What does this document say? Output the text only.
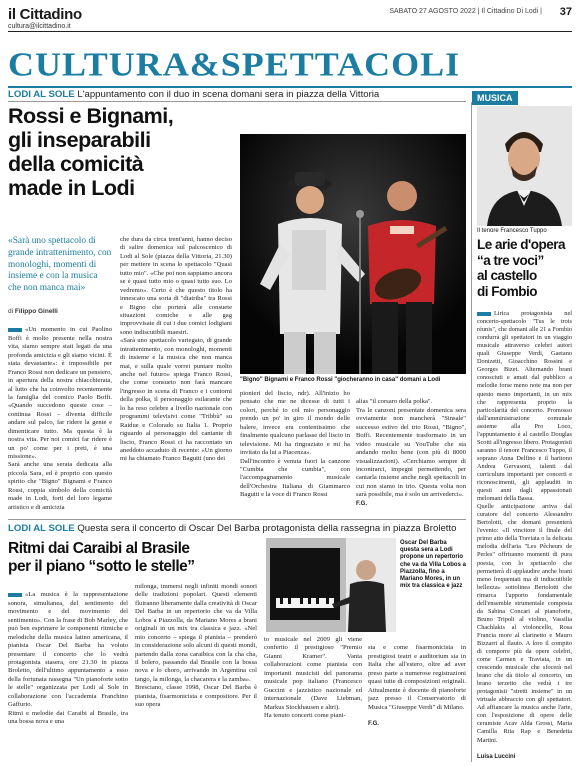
il Cittadino
cultura@ilcittadino.it
SABATO 27 AGOSTO 2022 | Il Cittadino Di Lodi | 37
CULTURA&SPETTACOLI
LODI AL SOLE L'appuntamento con il duo in scena domani sera in piazza della Vittoria	MUSICA
Rossi e Bignami,
gli inseparabili
della comicità
made in Lodi
«Sarà uno spettacolo di grande intrattenimento, con monologhi, momenti di insieme e con la musica che non manca mai»
di Filippo Ginelli

«Un momento in cui Paolino Boffi è molto presente nella nostra vita, siamo sempre stati legati da una profonda amicizia e gli siamo vicini. È stata devastante»: è impossibile per Franco Rossi non dedicare un pensiero, in apertura della nostra chiacchierata, al lutto che ha coinvolto recentemente la famiglia del comico Paolo Boffi. «Quando succedono queste cose – continua Rossi – diventa difficile andare sul palco, far ridere la gente e dimenticare tutto. Ma questa è la nostra vita. Per noi comici far ridere è un po' come per i preti, è una missione».
Sarà anche una serata dedicata alla piccola Sara, ed è proprio con questo spirito che "Bigno" Bignami e Franco Rossi, coppia simbolo della comicità made in Lodi, forti del loro legame artistico e di amicizia

che dura da circa trent'anni, hanno deciso di salire domenica sul palcoscenico di Lodi al Sole (piazza della Vittoria, 21.30) per mettere in scena lo spettacolo "Quasi tutto mio". «Che poi non sappiamo ancora se è quasi tutto mio o quasi tutto suo. Lo vedremo». Certo è che questo titolo ha innescato una sorta di "diatriba" tra Rossi e Bigno che porterà alle consuete situazioni comiche e alle gag improvvisate di cui i due comici lodigiani sono indiscutibili maestri.
«Sarà uno spettacolo variegato, di grande intrattenimento, con monologhi, momenti di insieme e la musica che non manca mai, e sulla quale vorrei puntare molto anche nel futuro» spiega Franco Rossi, che come consueto non farà mancare l'ingresso in scena di Franco e i contorni della polka, il personaggio esilarante che lo ha reso celebre a livello nazionale con programmi televisivi come "Tribbù" su Raidue e Colorado su Italia 1. Proprio riguardo al personaggio del cantante di liscio, Franco Rossi ci ha raccontato un aneddoto accaduto di recente: «Un giorno mi ha chiamato Franco Bagutti (uno dei
"Bigno" Bignami e Franco Rossi "giocheranno in casa" domani a Lodi
pionieri del liscio, ndr). All'inizio ho pensato che me ne dicesse di tutti i colori, perché io col mio personaggio prendo un po' in giro il mondo delle balere, invece era contentissimo che finalmente qualcuno parlasse del liscio in televisione. Mi ha ringraziato e mi ha invitato da lui a Piacenza».
Dall'incontro è venuta fuori la canzone "Cumbia che cumbia", con l'accompagnamento musicale dell'Orchestra Italiana di Giammarco Bagutti e la voce di Franco Rossi

alias "il corsaro della polka".
Tra le canzoni presentate domenica sera ovviamente non mancherà "Sinsale" successo estivo del trio Rossi, "Bigno", Boffi. Recentemente trasformato in un video musicale su YouTube che sta andando molto bene (con più di 8000 visualizzazioni). «Cerchiamo sempre di incontrarci, impegni permettendo, per cantarla insieme anche negli spettacoli in cui non siamo in trio. Questa volta non sarà possibile, ma è solo un arrivederci».
F.G.

LODI AL SOLE Questa sera il concerto di Oscar Del Barba protagonista della rassegna in piazza Broletto
Ritmi dai Caraibi al Brasile
per il piano “sotto le stelle”
Oscar Del Barba questa sera a Lodi propone un repertorio che va da Villa Lobos a Piazzolla, fino a Mariano Mores, in un mix tra classica e jazz

«La musica è la rappresentazione sonora, simultanea, del sentimento del movimento e del movimento del sentimento». Con la frase di Bob Marley, che può ben esprimere le componenti ritmiche e melodiche della musica latino americana, il pianista Oscar Del Barba ha voluto presentare il concerto che lo vedrà protagonista stasera, ore 21.30 in piazza Broletto, dell'ultimo appuntamento a esso della fortunata rassegna "Un pianoforte sotto le stelle" organizzata per Lodi al Sole in collaborazione con l'accademia Franchino Gaffurio.
Ritmi e melodie dai Caraibi al Brasile, tra una bossa nova e una

milonga, immersi negli infiniti mondi sonori delle tradizioni popolari. Questi elementi fluiranno liberamente dalla creatività di Oscar Del Barba in un repertorio che va da Villa Lobos a Piazzolla, da Mariano Mores a brani originali in un mix tra classica e jazz. «Nel mio concerto – spiega il pianista – prenderò in considerazione solo alcuni di questi mondi, partendo dalla zona caraibica con la cha cha, il bolero, passando dal Brasile con la bossa nova e lo choro, arrivando in Argentina col tango, la milonga, la chacarera e la zamba».
Bresciano, classe 1998, Oscar Del Barba è pianista, fisarmonicista e compositore. Per il suo opera
to musicale nel 2009 gli viene conferito il prestigioso "Premio Gianni Kramer". Vanta collaborazioni come pianista con importanti musicisti del panorama musicale pop italiano (Francesco Guccini e jazzistico nazionale ed internazionale (Dave Liebman, Markus Stockhausen e altri).
Ha tenuto concerti come piani-

sta e come fisarmonicista in prestigiosi teatri e auditorium sia in Italia che all'estero, oltre ad aver preso parte a numerose registrazioni quasi tutte di composizioni originali. Attualmente è docente di pianoforte jazz presso il Conservatorio di Musica "Giuseppe Verdi" di Milano.

F.G.

Il tenore Francesco Tuppo
Le arie d'opera
“a tre voci”
al castello
di Fombio

Lirica protagonista nel concerto-spettacolo "Tus le trois réunis", che domani alle 21 a Fombio condurrà gli spettatori in un viaggio musicale attraverso celebri autori quali Giuseppe Verdi, Gaetano Donizetti, Gioacchino Rossini e Georges Bizet. Alternando brani conosciuti e amati dal pubblico a melodie forse meno note ma non per questo meno importanti, in un mix che rappresenta proprio la particolarità del concerto. Promosso dall'amministrazione comunale assieme alla Pro Loco, l'appuntamento è al castello Douglas Scotti all'ingresso libero. Protagonisti saranno il tenore Francesco Tuppo, il soprano Anna Delfino e il baritono Andrea Gervasoni, talenti dal curriculum importanti per concerti e riconoscimenti, gli applauditi in questi anni dagli appassionati melomani della Bassa.
Quelle anticipazione arriva dal curatore del concerto Alessandro Bertolotti, che domani presenterà l'evento: «Il vincitore il finale del primo atto della Traviata o la delicata melodia dell'aria "Les Pêcheurs de Perles" offriranno momenti di pura poesia, con lo spettacolo che permetterà di applaudire anche brani meno frequentati ma di indiscutibile bellezza» sottolinea Bertolotti che rimarca l'apporto fondamentale dell'ensemble strumentale composta da Sabina Concari al pianoforte, Bruno Tripoli al violino, Vassilia Chachlakis al violoncello, Rosa Francia more al clarinetto e Mauro Bizzarri al flauto. A loro il compito di comporre più da opere celebri, come Carmen e Traviata, in un crescendo musicale che sfocerà nel brano che dà titolo al concerto, un brano terzetto che vedrà i tre protagonisti "stretti insieme" in un virtuale abbraccio con gli spettatori. Ad affiancare la musica anche l'arte, con l'esposizione di opere delle ceramiste Acav Alda Grossi, Maria Camilla Rita Rap e Benedetta Martini.

Luisa Luccini
